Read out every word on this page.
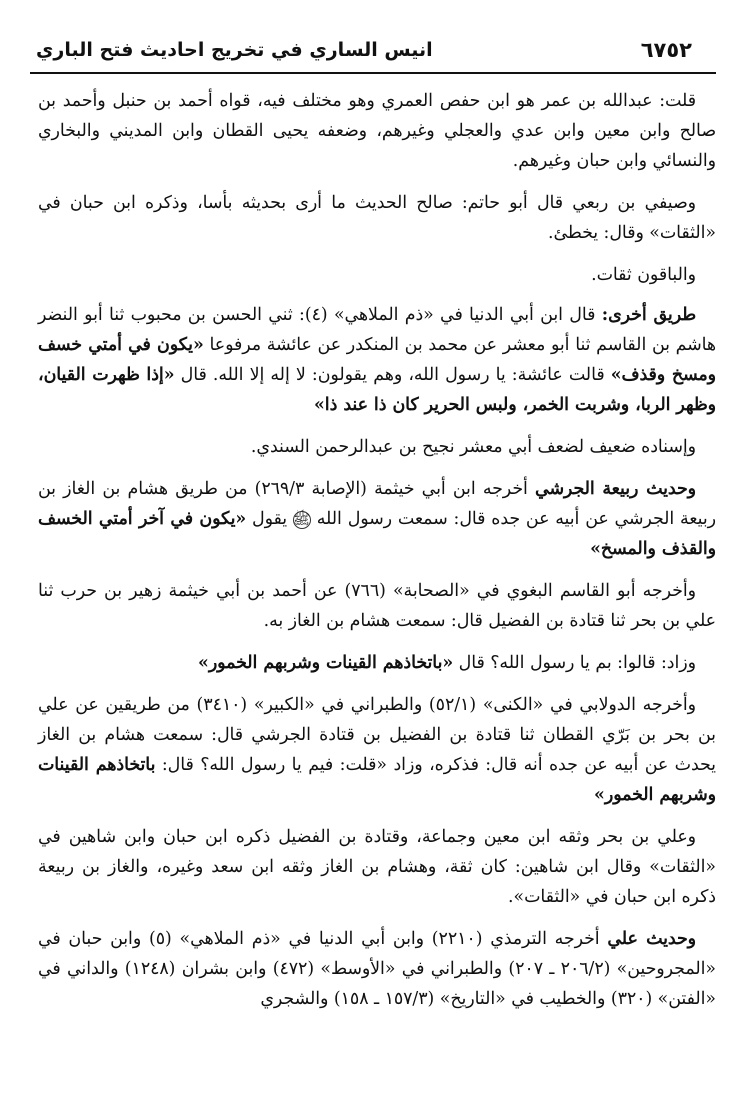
٦٧٥٢
انيس الساري في تخريج احاديث فتح الباري

قلت: عبدالله بن عمر هو ابن حفص العمري وهو مختلف فيه، قواه أحمد بن حنبل وأحمد بن صالح وابن معين وابن عدي والعجلي وغيرهم، وضعفه يحيى القطان وابن المديني والبخاري والنسائي وابن حبان وغيرهم.

وصيفي بن ربعي قال أبو حاتم: صالح الحديث ما أرى بحديثه بأسا، وذكره ابن حبان في «الثقات» وقال: يخطئ.

والباقون ثقات.

طريق أخرى: قال ابن أبي الدنيا في «ذم الملاهي» (٤): ثني الحسن بن محبوب ثنا أبو النضر هاشم بن القاسم ثنا أبو معشر عن محمد بن المنكدر عن عائشة مرفوعا «يكون في أمتي خسف ومسخ وقذف» قالت عائشة: يا رسول الله، وهم يقولون: لا إله إلا الله. قال «إذا ظهرت القيان، وظهر الربا، وشربت الخمر، ولبس الحرير كان ذا عند ذا»

وإسناده ضعيف لضعف أبي معشر نجيح بن عبدالرحمن السندي.

وحديث ربيعة الجرشي أخرجه ابن أبي خيثمة (الإصابة ٢٦٩/٣) من طريق هشام بن الغاز بن ربيعة الجرشي عن أبيه عن جده قال: سمعت رسول الله ﷺ يقول «يكون في آخر أمتي الخسف والقذف والمسخ»

وأخرجه أبو القاسم البغوي في «الصحابة» (٧٦٦) عن أحمد بن أبي خيثمة زهير بن حرب ثنا علي بن بحر ثنا قتادة بن الفضيل قال: سمعت هشام بن الغاز به.

وزاد: قالوا: بم يا رسول الله؟ قال «باتخاذهم القينات وشربهم الخمور»

وأخرجه الدولابي في «الكنى» (٥٢/١) والطبراني في «الكبير» (٣٤١٠) من طريقين عن علي بن بحر بن بَرّي القطان ثنا قتادة بن الفضيل بن قتادة الجرشي قال: سمعت هشام بن الغاز يحدث عن أبيه عن جده أنه قال: فذكره، وزاد «قلت: فيم يا رسول الله؟ قال: باتخاذهم القينات وشربهم الخمور»

وعلي بن بحر وثقه ابن معين وجماعة، وقتادة بن الفضيل ذكره ابن حبان وابن شاهين في «الثقات» وقال ابن شاهين: كان ثقة، وهشام بن الغاز وثقه ابن سعد وغيره، والغاز بن ربيعة ذكره ابن حبان في «الثقات».

وحديث علي أخرجه الترمذي (٢٢١٠) وابن أبي الدنيا في «ذم الملاهي» (٥) وابن حبان في «المجروحين» (٢٠٦/٢ ـ ٢٠٧) والطبراني في «الأوسط» (٤٧٢) وابن بشران (١٢٤٨) والداني في «الفتن» (٣٢٠) والخطيب في «التاريخ» (١٥٧/٣ ـ ١٥٨) والشجري
